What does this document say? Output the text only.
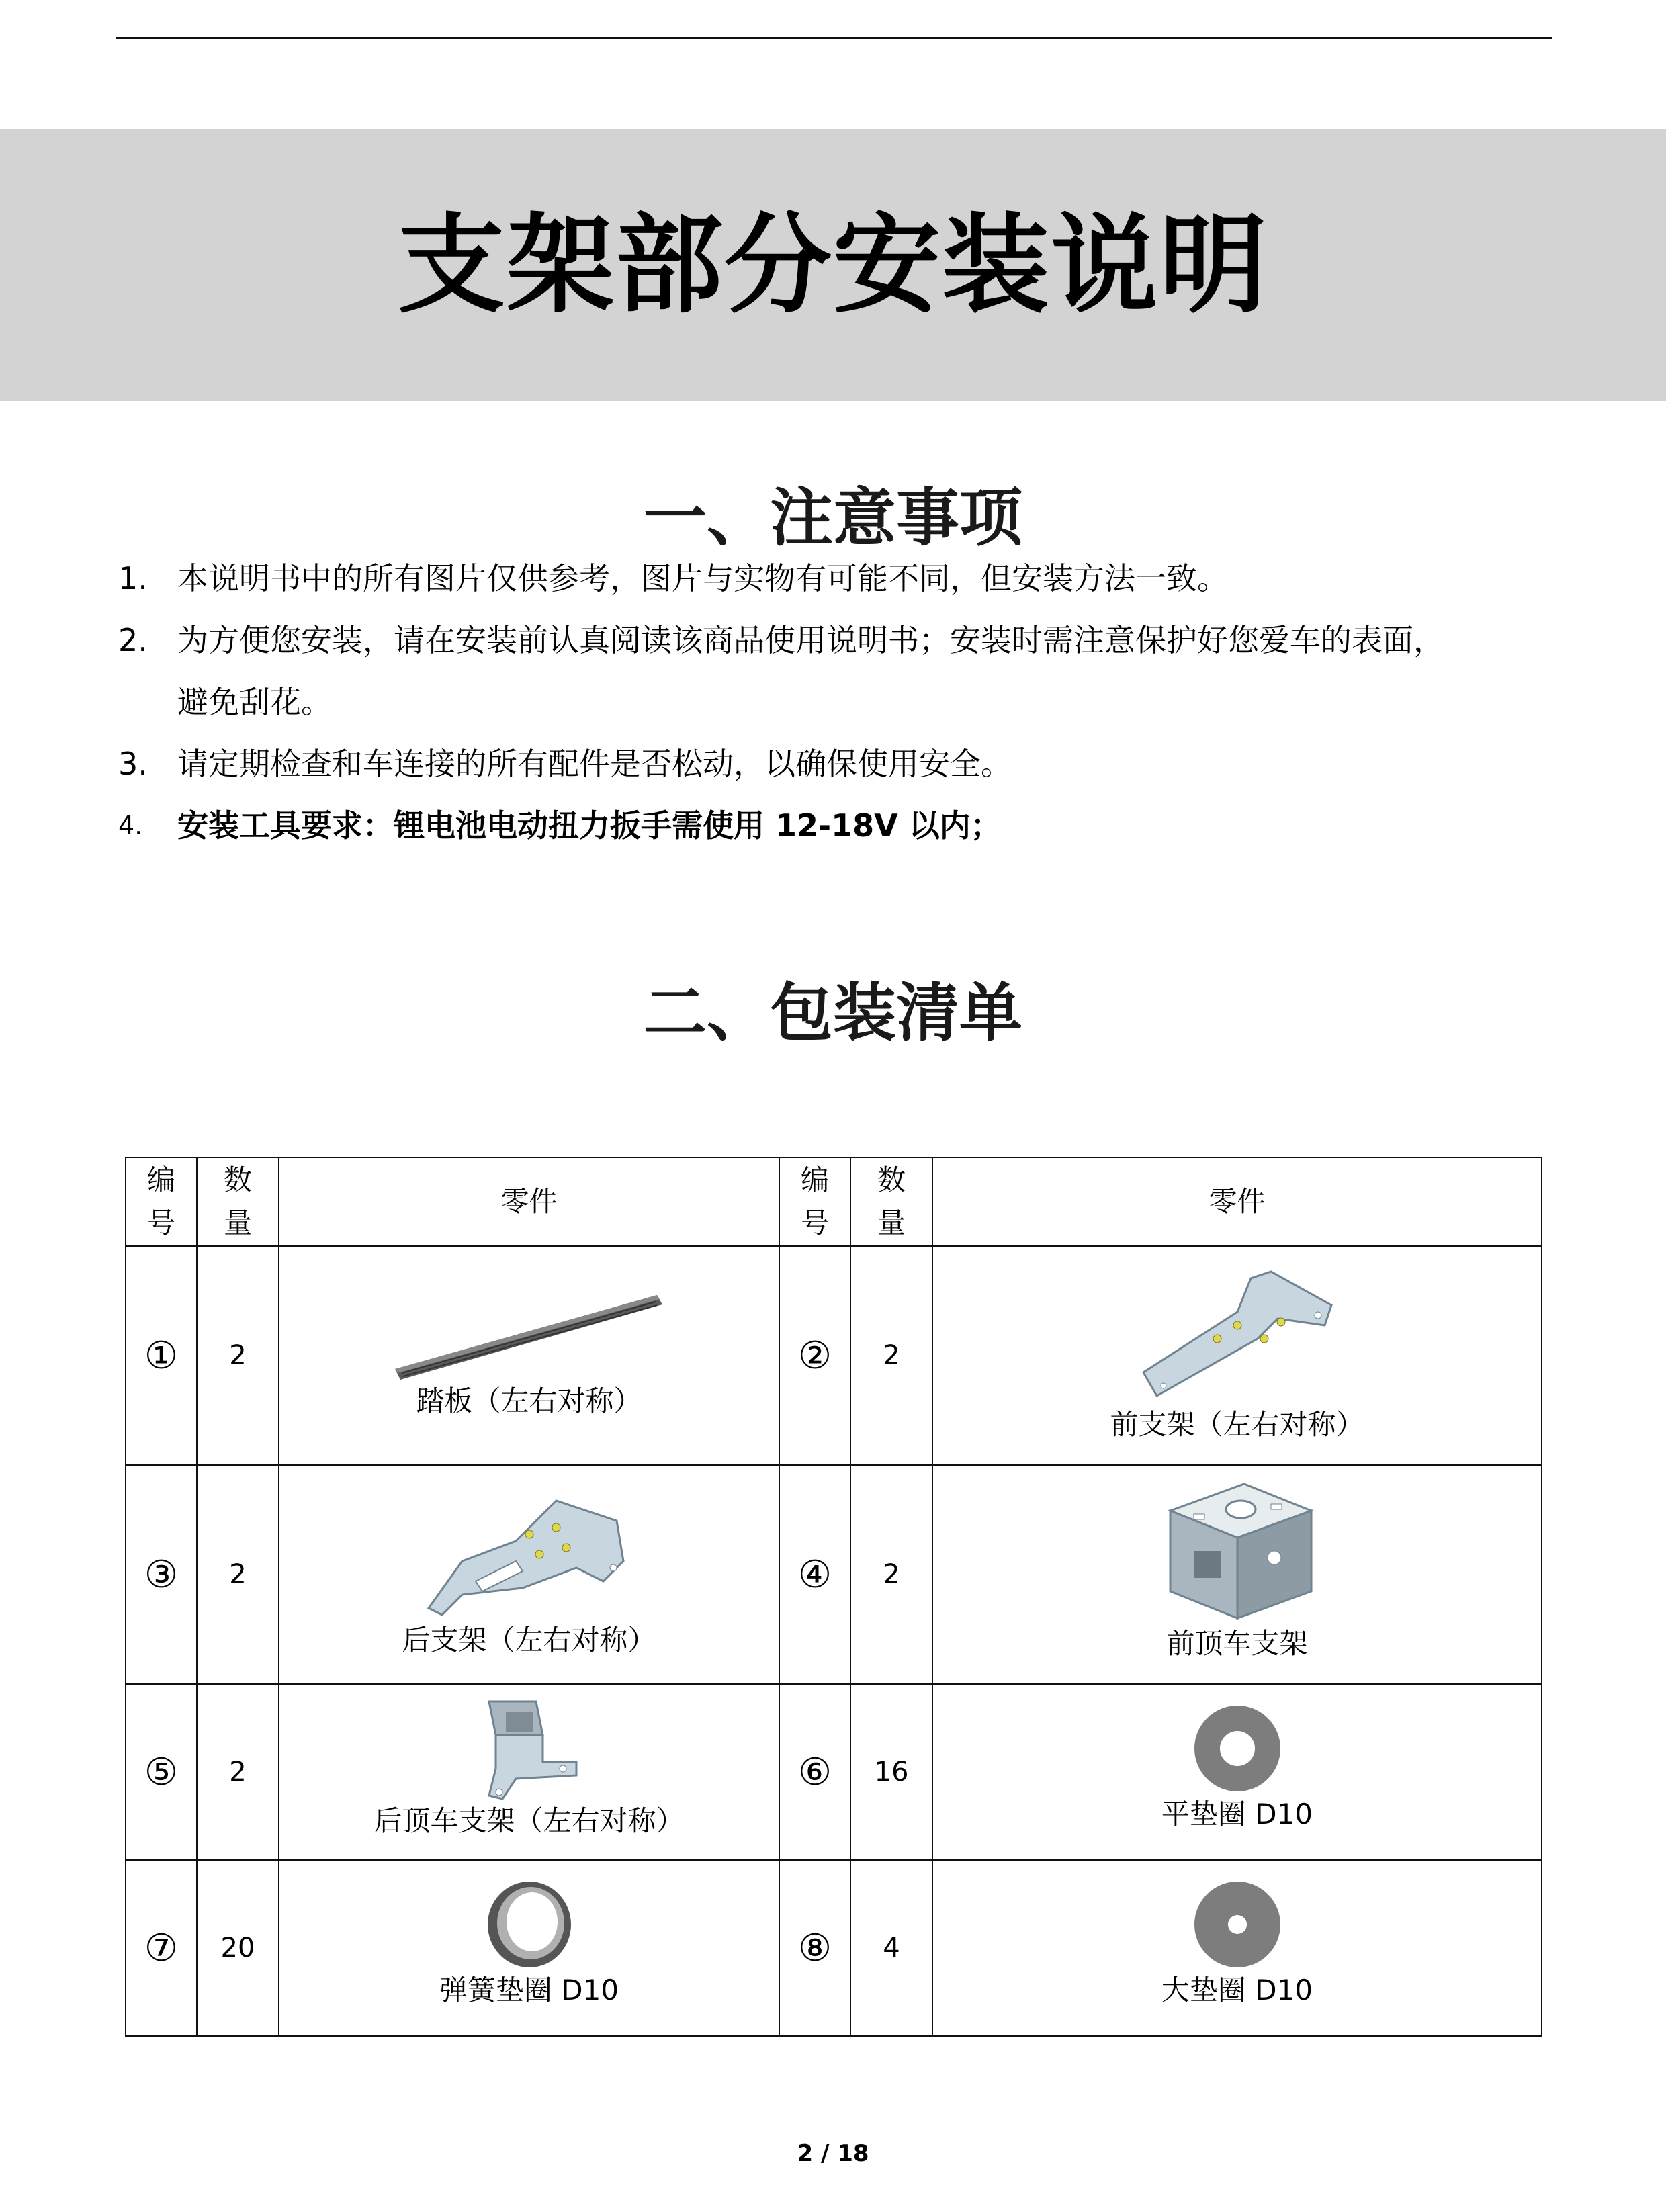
支架部分安装说明
一、注意事项
1. 本说明书中的所有图片仅供参考，图片与实物有可能不同，但安装方法一致。
2. 为方便您安装，请在安装前认真阅读该商品使用说明书；安装时需注意保护好您爱车的表面，
避免刮花。
3. 请定期检查和车连接的所有配件是否松动，以确保使用安全。
4. 安装工具要求：锂电池电动扭力扳手需使用 12-18V 以内；
二、包装清单
编号	数量	零件	编号	数量	零件
①	2	踏板（左右对称）	②	2	前支架（左右对称）

③	2	后支架（左右对称）	④	2	前顶车支架

⑤	2	后顶车支架（左右对称）	⑥	16	平垫圈 D10

⑦	20	弹簧垫圈 D10	⑧	4	大垫圈 D10
2 / 18
